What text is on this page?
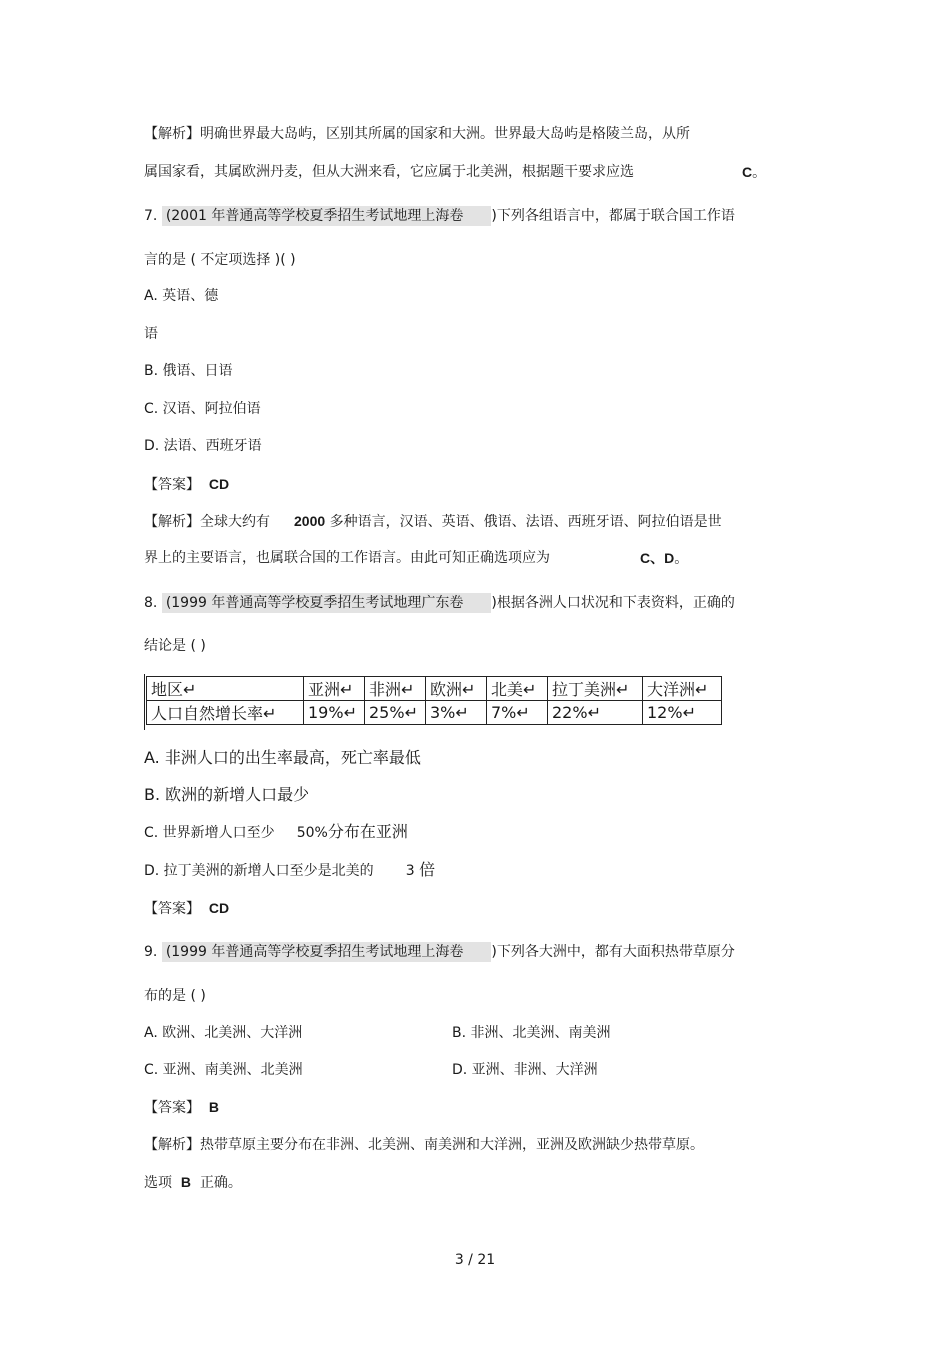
【解析】明确世界最大岛屿，区别其所属的国家和大洲。世界最大岛屿是格陵兰岛，从所
属国家看，其属欧洲丹麦，但从大洲来看，它应属于北美洲，根据题干要求应选	C。
7. (2001 年普通高等学校夏季招生考试地理上海卷 )下列各组语言中，都属于联合国工作语
言的是 ( 不定项选择 )( )
A. 英语、德
语
B. 俄语、日语
C. 汉语、阿拉伯语
D. 法语、西班牙语
【答案】 CD
【解析】全球大约有 2000 多种语言，汉语、英语、俄语、法语、西班牙语、阿拉伯语是世
界上的主要语言，也属联合国的工作语言。由此可知正确选项应为	C、D。
8. (1999 年普通高等学校夏季招生考试地理广东卷 )根据各洲人口状况和下表资料，正确的
结论是 ( )
地区↵	亚洲↵	非洲↵	欧洲↵	北美↵	拉丁美洲↵	大洋洲↵
人口自然增长率↵	19%↵	25%↵	3%↵	7%↵	22%↵	12%↵
A. 非洲人口的出生率最高，死亡率最低
B. 欧洲的新增人口最少
C. 世界新增人口至少 50%分布在亚洲
D. 拉丁美洲的新增人口至少是北美的 3 倍
【答案】 CD
9. (1999 年普通高等学校夏季招生考试地理上海卷 )下列各大洲中，都有大面积热带草原分
布的是 ( )
A. 欧洲、北美洲、大洋洲	B. 非洲、北美洲、南美洲
C. 亚洲、南美洲、北美洲	D. 亚洲、非洲、大洋洲
【答案】 B
【解析】热带草原主要分布在非洲、北美洲、南美洲和大洋洲，亚洲及欧洲缺少热带草原。
选项 B 正确。
3 / 21
